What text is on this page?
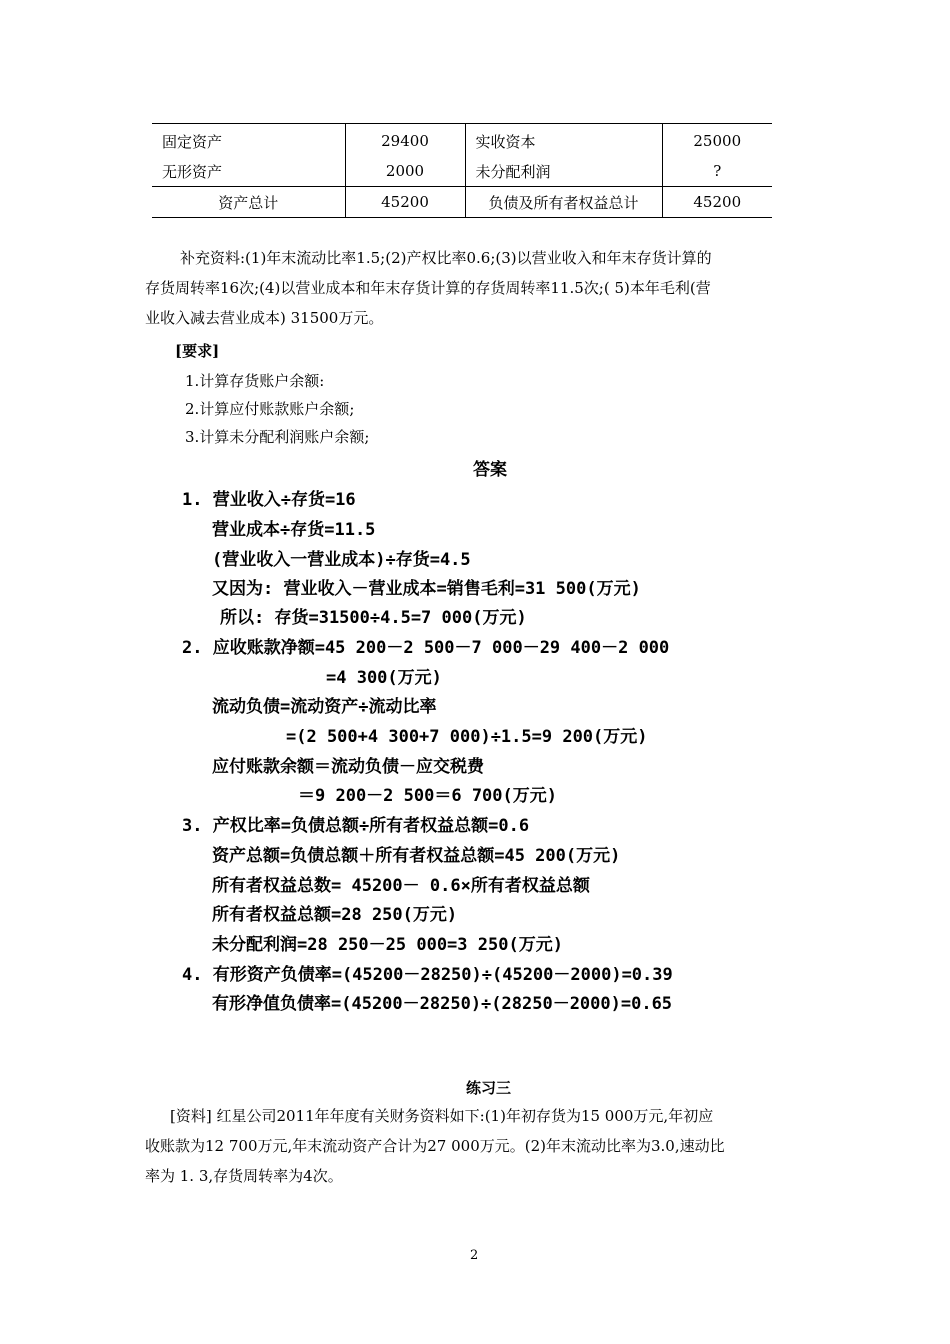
固定资产	29400	实收资本	25000
无形资产	2000	未分配利润	?
资产总计	45200	负债及所有者权益总计	45200
补充资料:(1)年末流动比率1.5;(2)产权比率0.6;(3)以营业收入和年末存货计算的
存货周转率16次;(4)以营业成本和年末存货计算的存货周转率11.5次;( 5)本年毛利(营
业收入减去营业成本) 31500万元。
[要求]
1.计算存货账户余额:
2.计算应付账款账户余额;
3.计算未分配利润账户余额;
答案
1. 营业收入÷存货=16
营业成本÷存货=11.5
(营业收入一营业成本)÷存货=4.5
又因为: 营业收入－营业成本=销售毛利=31 500(万元)
所以: 存货=31500÷4.5=7 000(万元)
2. 应收账款净额=45 200－2 500－7 000－29 400－2 000
=4 300(万元)
流动负债=流动资产÷流动比率
=(2 500+4 300+7 000)÷1.5=9 200(万元)
应付账款余额＝流动负债－应交税费
＝9 200－2 500＝6 700(万元)
3. 产权比率=负债总额÷所有者权益总额=0.6
资产总额=负债总额＋所有者权益总额=45 200(万元)
所有者权益总数= 45200－ 0.6×所有者权益总额
所有者权益总额=28 250(万元)
未分配利润=28 250－25 000=3 250(万元)
4. 有形资产负债率=(45200－28250)÷(45200－2000)=0.39
有形净值负债率=(45200－28250)÷(28250－2000)=0.65
练习三
[资料] 红星公司2011年年度有关财务资料如下:(1)年初存货为15 000万元,年初应
收账款为12 700万元,年末流动资产合计为27 000万元。(2)年末流动比率为3.0,速动比
率为 1. 3,存货周转率为4次。
2
